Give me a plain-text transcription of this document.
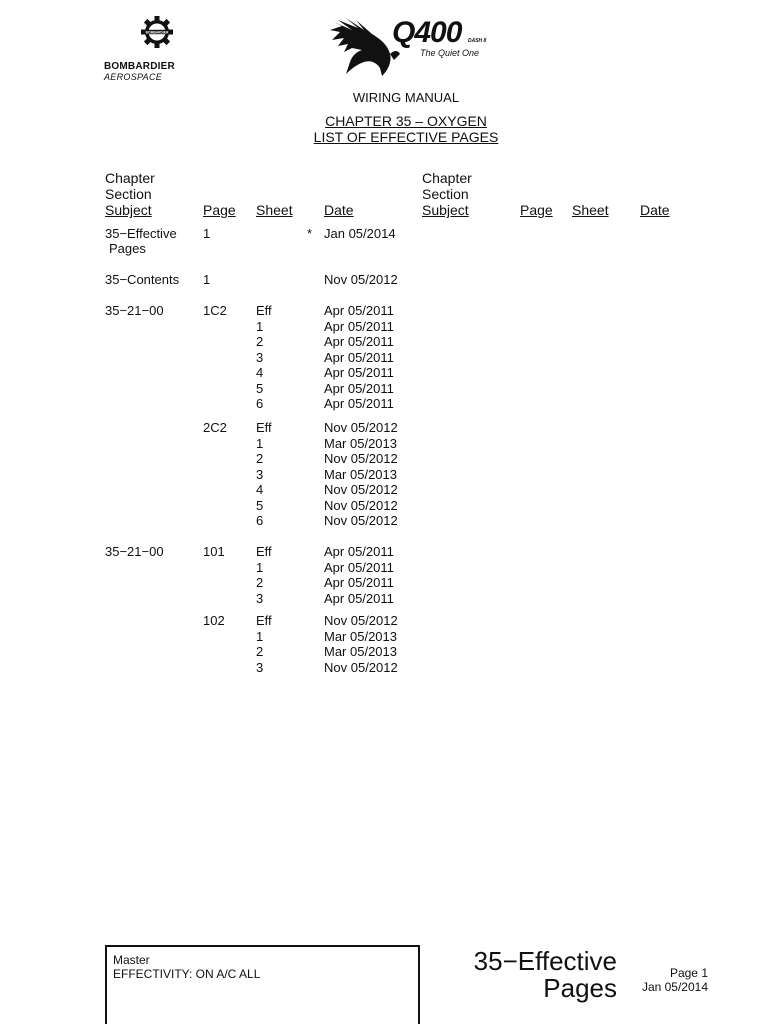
BOMBARDIER
BOMBARDIER
AEROSPACE
Q400 DASH 8
The Quiet One
WIRING MANUAL
CHAPTER 35 – OXYGEN
LIST OF EFFECTIVE PAGES
Chapter
Section
Subject	Page Sheet Date
Chapter
Section
Subject	Page Sheet Date
35−Effective
Pages
1	* Jan 05/2014
35−Contents 1	Nov 05/2012
35−21−00	1C2 Eff	Apr 05/2011
1	Apr 05/2011
2	Apr 05/2011
3	Apr 05/2011
4	Apr 05/2011
5	Apr 05/2011
6	Apr 05/2011
2C2 Eff	Nov 05/2012
1	Mar 05/2013
2	Nov 05/2012
3	Mar 05/2013
4	Nov 05/2012
5	Nov 05/2012
6	Nov 05/2012
35−21−00	101 Eff	Apr 05/2011
1	Apr 05/2011
2	Apr 05/2011
3	Apr 05/2011
102 Eff	Nov 05/2012
1	Mar 05/2013
2	Mar 05/2013
3	Nov 05/2012
Master
EFFECTIVITY: ON A/C ALL	35−Effective
Pages	Page 1
Jan 05/2014
